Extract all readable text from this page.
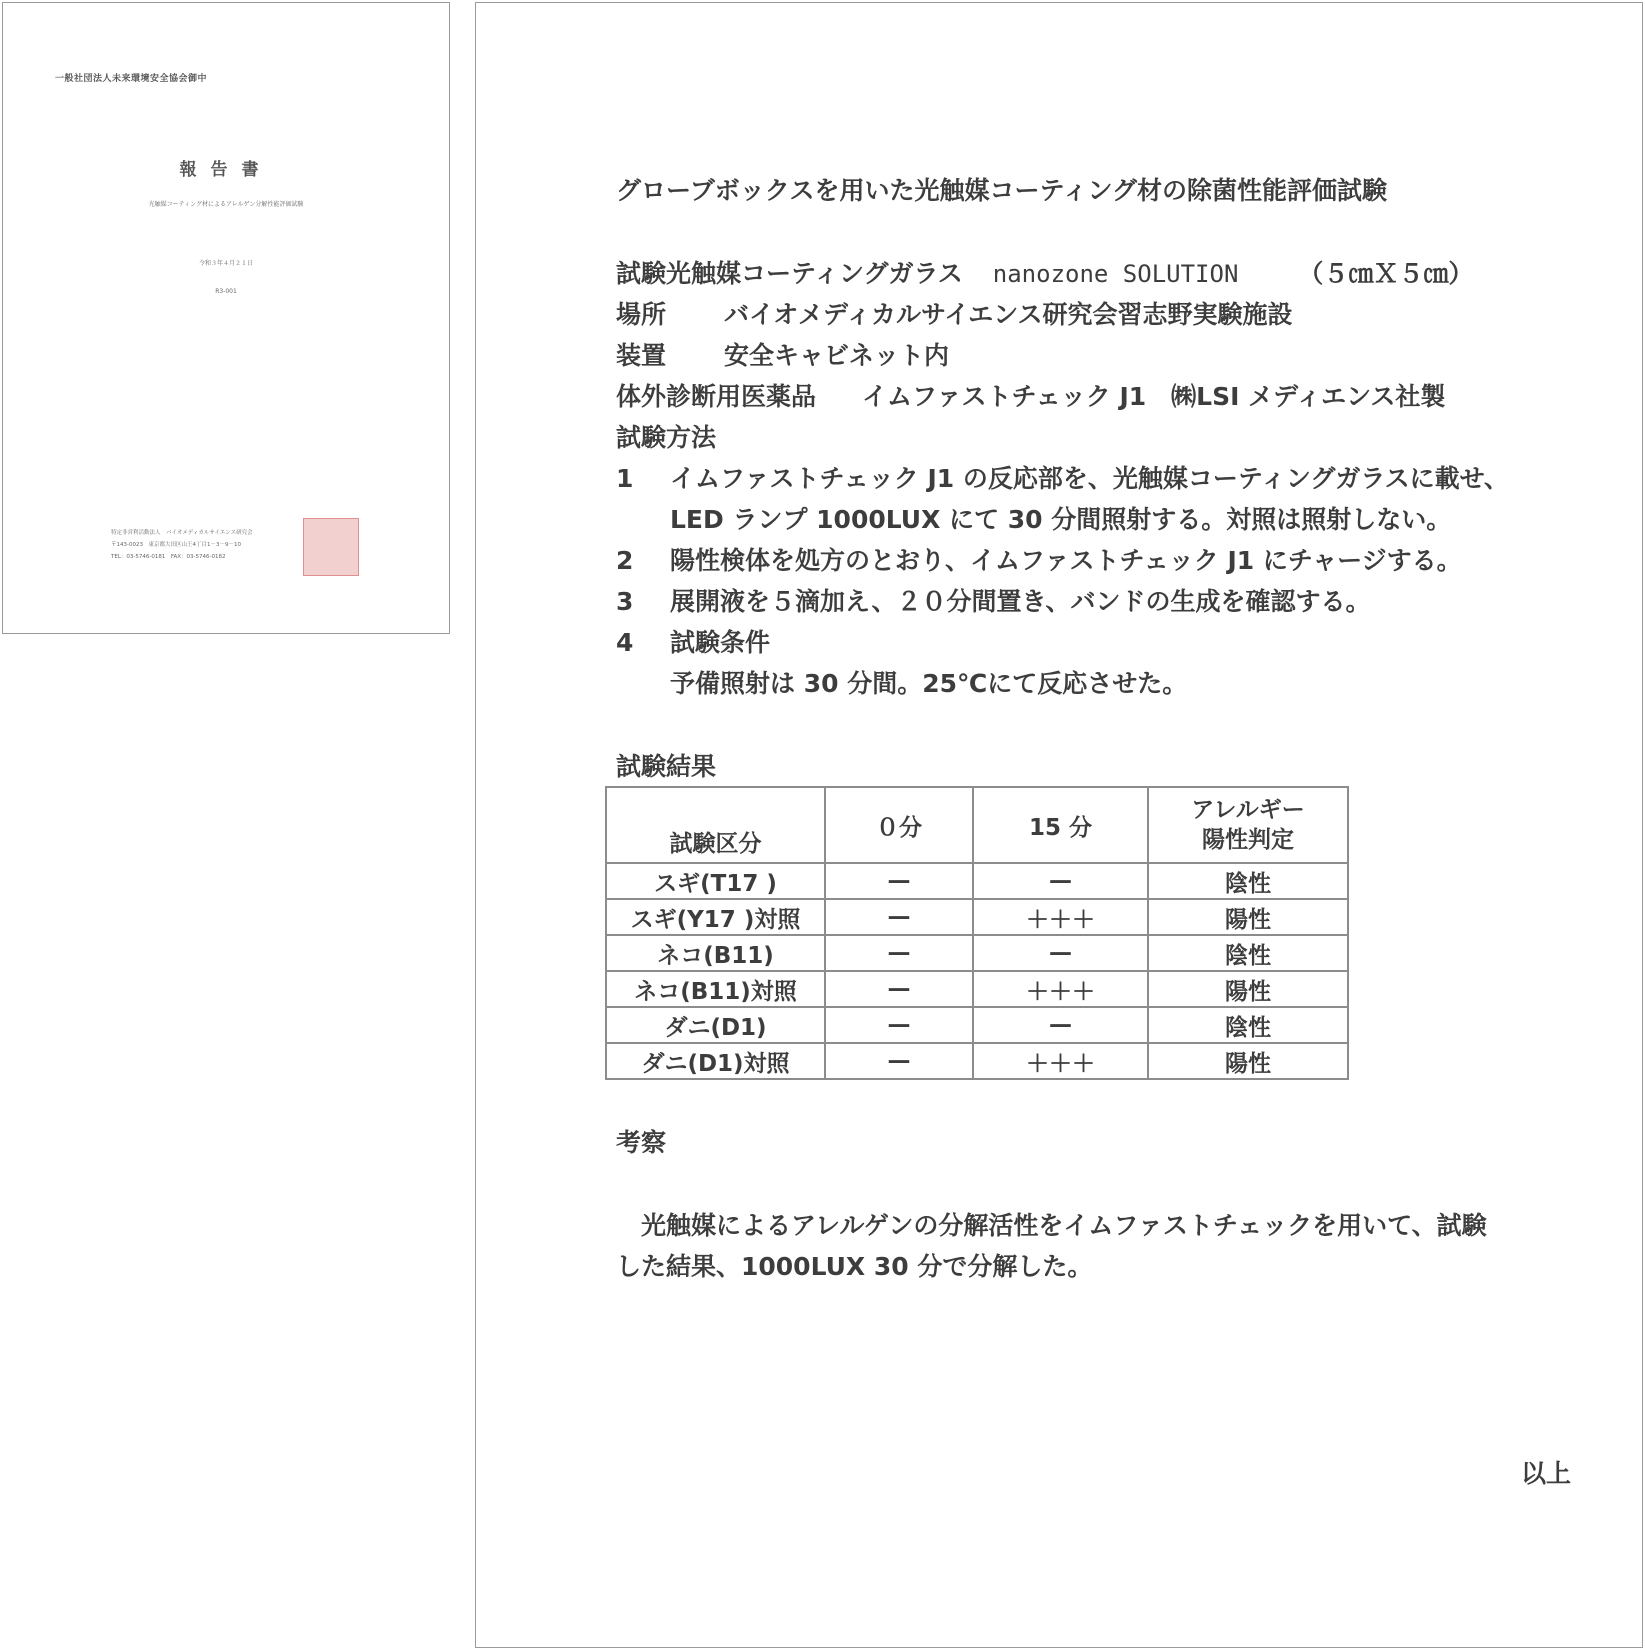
一般社団法人未来環境安全協会御中
報告書
光触媒コーティング材によるアレルゲン分解性能評価試験
令和３年４月２１日
R3-001
特定非営利活動法人　バイオメディカルサイエンス研究会
〒143-0023　東京都大田区山王4丁目1－3－9－10
TEL：03-5746-0181　FAX：03-5746-0182
グローブボックスを用いた光触媒コーティング材の除菌性能評価試験
試験光触媒コーティングガラス nanozone SOLUTION （５㎝Ｘ５㎝）
場所 バイオメディカルサイエンス研究会習志野実験施設
装置 安全キャビネット内
体外診断用医薬品 イムファストチェック J1　㈱LSI メディエンス社製
試験方法
1 イムファストチェック J1 の反応部を、光触媒コーティングガラスに載せ、
LED ランプ 1000LUX にて 30 分間照射する。対照は照射しない。
2 陽性検体を処方のとおり、イムファストチェック J1 にチャージする。
3 展開液を５滴加え、２０分間置き、バンドの生成を確認する。
4 試験条件
予備照射は 30 分間。25℃にて反応させた。
試験結果
試験区分	０分	15 分	アレルギー
陽性判定

スギ(T17 )	—	—	陰性
スギ(Y17 )対照	—	＋＋＋	陽性
ネコ(B11)	—	—	陰性
ネコ(B11)対照	—	＋＋＋	陽性
ダニ(D1)	—	—	陰性
ダニ(D1)対照	—	＋＋＋	陽性
考察
光触媒によるアレルゲンの分解活性をイムファストチェックを用いて、試験
した結果、1000LUX 30 分で分解した。
以上
